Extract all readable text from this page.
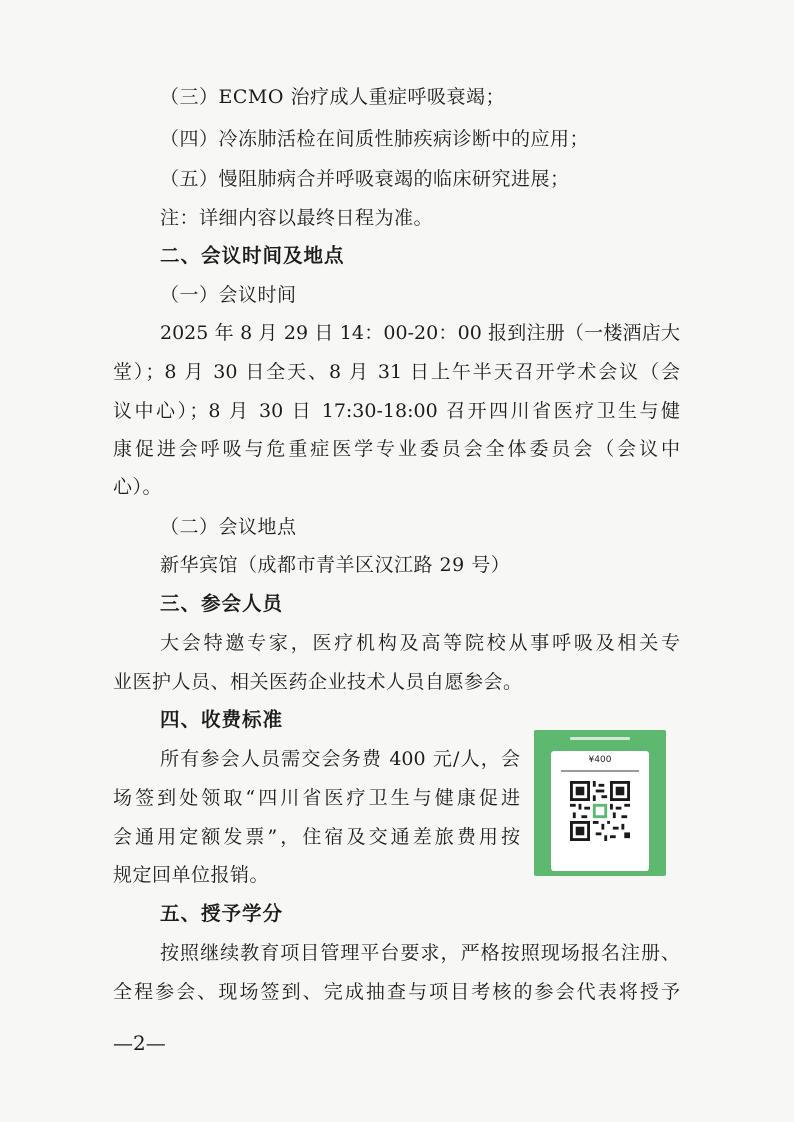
（三）ECMO 治疗成人重症呼吸衰竭；
（四）冷冻肺活检在间质性肺疾病诊断中的应用；
（五）慢阻肺病合并呼吸衰竭的临床研究进展；
注：详细内容以最终日程为准。
二、会议时间及地点
（一）会议时间
2025 年 8 月 29 日 14：00-20：00 报到注册（一楼酒店大
堂）；8 月 30 日全天、8 月 31 日上午半天召开学术会议（会
议中心）；8 月 30 日 17:30-18:00 召开四川省医疗卫生与健
康促进会呼吸与危重症医学专业委员会全体委员会（会议中
心）。
（二）会议地点
新华宾馆（成都市青羊区汉江路 29 号）
三、参会人员
大会特邀专家，医疗机构及高等院校从事呼吸及相关专
业医护人员、相关医药企业技术人员自愿参会。
四、收费标准
所有参会人员需交会务费 400 元/人，会
场签到处领取“四川省医疗卫生与健康促进
会通用定额发票”，住宿及交通差旅费用按
规定回单位报销。
¥400
五、授予学分
按照继续教育项目管理平台要求，严格按照现场报名注册、
全程参会、现场签到、完成抽查与项目考核的参会代表将授予
—2—
